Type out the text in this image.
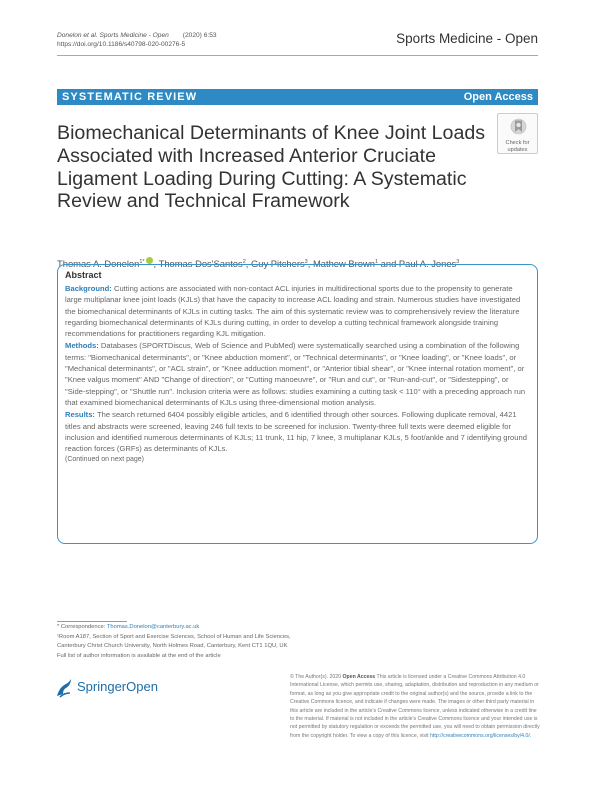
Donelon et al. Sports Medicine - Open (2020) 6:53
https://doi.org/10.1186/s40798-020-00276-5	Sports Medicine - Open
SYSTEMATIC REVIEW	Open Access
Biomechanical Determinants of Knee Joint Loads Associated with Increased Anterior Cruciate Ligament Loading During Cutting: A Systematic Review and Technical Framework
Check for
updates
Thomas A. Donelon$^{1*}$ , Thomas Dos'Santos$^2$, Guy Pitchers$^3$, Mathew Brown$^1$ and Paul A. Jones$^3$
Abstract

Background: Cutting actions are associated with non-contact ACL injuries in multidirectional sports due to the propensity to generate large multiplanar knee joint loads (KJLs) that have the capacity to increase ACL loading and strain. Numerous studies have investigated the biomechanical determinants of KJLs in cutting tasks. The aim of this systematic review was to comprehensively review the literature regarding biomechanical determinants of KJLs during cutting, in order to develop a cutting technical framework alongside training recommendations for practitioners regarding KJL mitigation.

Methods: Databases (SPORTDiscus, Web of Science and PubMed) were systematically searched using a combination of the following terms: "Biomechanical determinants", or "Knee abduction moment", or "Technical determinants", or "Knee loading", or "Knee loads", or "Mechanical determinants", or "ACL strain", or "Knee adduction moment", or "Anterior tibial shear", or "Knee internal rotation moment", or "Knee valgus moment" AND "Change of direction", or "Cutting manoeuvre", or "Run and cut", or "Run-and-cut", or "Sidestepping", or "Side-stepping", or "Shuttle run". Inclusion criteria were as follows: studies examining a cutting task < 110° with a preceding approach run that examined biomechanical determinants of KJLs using three-dimensional motion analysis.

Results: The search returned 6404 possibly eligible articles, and 6 identified through other sources. Following duplicate removal, 4421 titles and abstracts were screened, leaving 246 full texts to be screened for inclusion. Twenty-three full texts were deemed eligible for inclusion and identified numerous determinants of KJLs; 11 trunk, 11 hip, 7 knee, 3 multiplanar KJLs, 5 foot/ankle and 7 identifying ground reaction forces (GRFs) as determinants of KJLs.

(Continued on next page)
* Correspondence: Thomas.Donelon@canterbury.ac.uk
¹Room A187, Section of Sport and Exercise Sciences, School of Human and Life Sciences, Canterbury Christ Church University, North Holmes Road, Canterbury, Kent CT1 1QU, UK
Full list of author information is available at the end of the article
SpringerOpen
© The Author(s). 2020 Open Access This article is licensed under a Creative Commons Attribution 4.0 International License, which permits use, sharing, adaptation, distribution and reproduction in any medium or format, as long as you give appropriate credit to the original author(s) and the source, provide a link to the Creative Commons licence, and indicate if changes were made. The images or other third party material in this article are included in the article's Creative Commons licence, unless indicated otherwise in a credit line to the material. If material is not included in the article's Creative Commons licence and your intended use is not permitted by statutory regulation or exceeds the permitted use, you will need to obtain permission directly from the copyright holder. To view a copy of this licence, visit http://creativecommons.org/licenses/by/4.0/.
